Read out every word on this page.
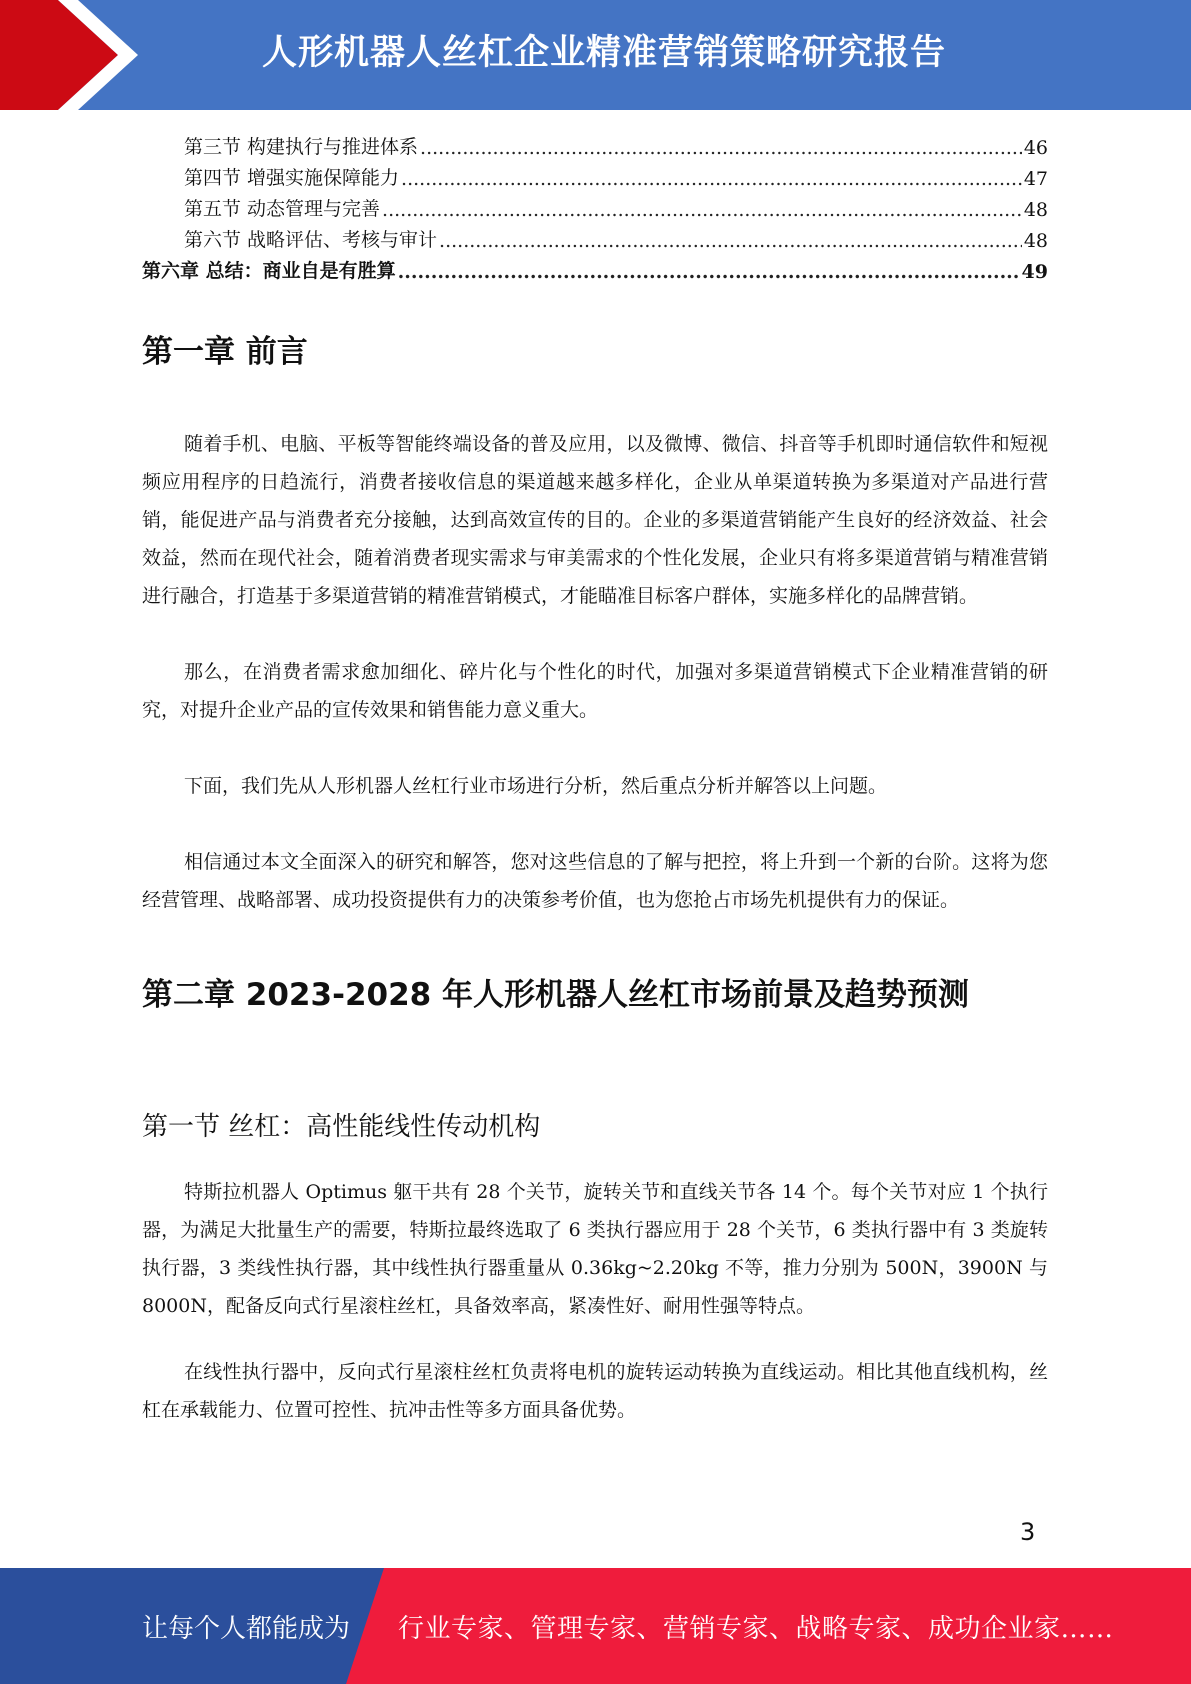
人形机器人丝杠企业精准营销策略研究报告
第三节 构建执行与推进体系 .....	46
第四节 增强实施保障能力 .....	47
第五节 动态管理与完善 .....	48
第六节 战略评估、考核与审计 .....	48
第六章 总结：商业自是有胜算 .....	49
第一章 前言

随着手机、电脑、平板等智能终端设备的普及应用，以及微博、微信、抖音等手机即时通信软件和短视频应用程序的日趋流行，消费者接收信息的渠道越来越多样化，企业从单渠道转换为多渠道对产品进行营销，能促进产品与消费者充分接触，达到高效宣传的目的。企业的多渠道营销能产生良好的经济效益、社会效益，然而在现代社会，随着消费者现实需求与审美需求的个性化发展，企业只有将多渠道营销与精准营销进行融合，打造基于多渠道营销的精准营销模式，才能瞄准目标客户群体，实施多样化的品牌营销。

那么，在消费者需求愈加细化、碎片化与个性化的时代，加强对多渠道营销模式下企业精准营销的研究，对提升企业产品的宣传效果和销售能力意义重大。

下面，我们先从人形机器人丝杠行业市场进行分析，然后重点分析并解答以上问题。

相信通过本文全面深入的研究和解答，您对这些信息的了解与把控，将上升到一个新的台阶。这将为您经营管理、战略部署、成功投资提供有力的决策参考价值，也为您抢占市场先机提供有力的保证。

第二章 2023-2028 年人形机器人丝杠市场前景及趋势预测
第一节 丝杠：高性能线性传动机构

特斯拉机器人 Optimus 躯干共有 28 个关节，旋转关节和直线关节各 14 个。每个关节对应 1 个执行器，为满足大批量生产的需要，特斯拉最终选取了 6 类执行器应用于 28 个关节，6 类执行器中有 3 类旋转执行器，3 类线性执行器，其中线性执行器重量从 0.36kg~2.20kg 不等，推力分别为 500N，3900N 与 8000N，配备反向式行星滚柱丝杠，具备效率高，紧凑性好、耐用性强等特点。

在线性执行器中，反向式行星滚柱丝杠负责将电机的旋转运动转换为直线运动。相比其他直线机构，丝杠在承载能力、位置可控性、抗冲击性等多方面具备优势。

3
让每个人都能成为 行业专家、管理专家、营销专家、战略专家、成功企业家……
